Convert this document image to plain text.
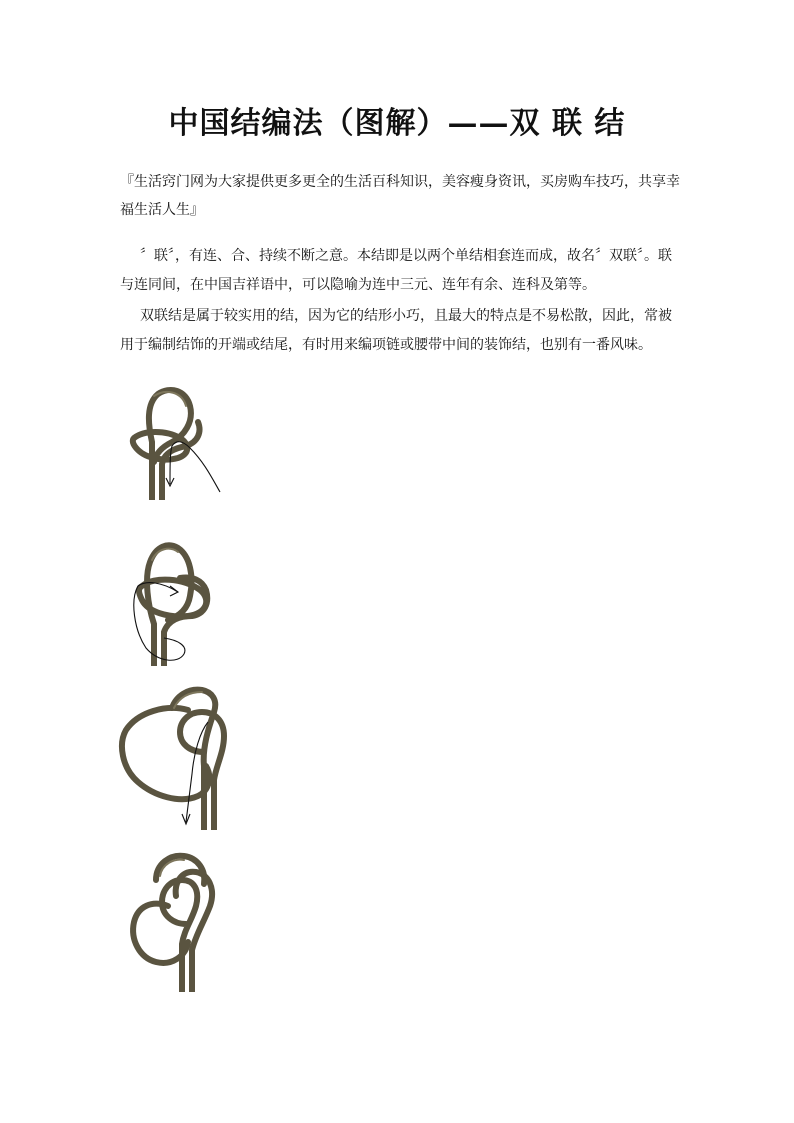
中国结编法（图解）——双 联 结
『生活窍门网为大家提供更多更全的生活百科知识，美容瘦身资讯，买房购车技巧，共享幸福生活人生』
〞联〞，有连、合、持续不断之意。本结即是以两个单结相套连而成，故名〞双联〞。联与连同间，在中国吉祥语中，可以隐喻为连中三元、连年有余、连科及第等。
双联结是属于较实用的结，因为它的结形小巧，且最大的特点是不易松散，因此，常被用于编制结饰的开端或结尾，有时用来编项链或腰带中间的装饰结，也别有一番风味。
